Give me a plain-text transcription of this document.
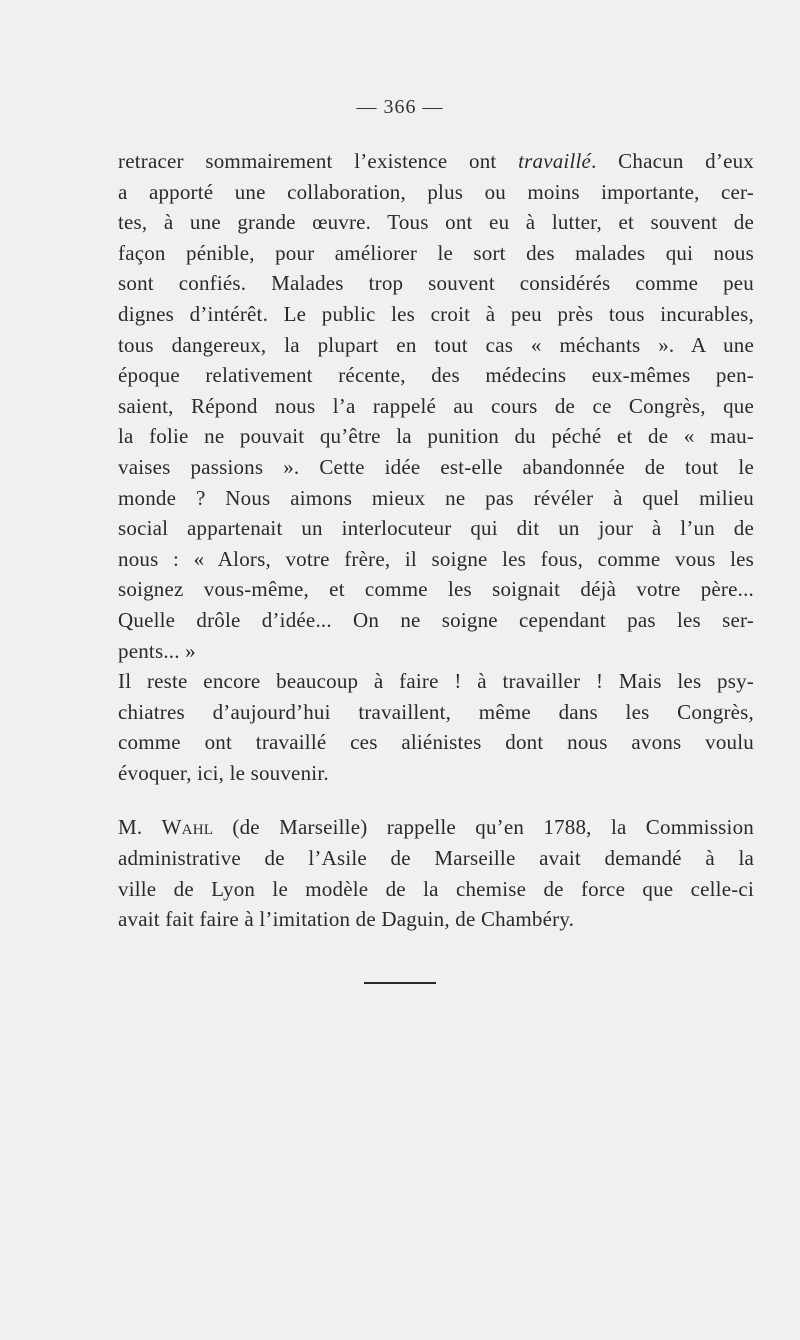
— 366 —
retracer sommairement l’existence ont travaillé. Chacun d’eux
a apporté une collaboration, plus ou moins importante, cer-
tes, à une grande œuvre. Tous ont eu à lutter, et souvent de
façon pénible, pour améliorer le sort des malades qui nous
sont confiés. Malades trop souvent considérés comme peu
dignes d’intérêt. Le public les croit à peu près tous incurables,
tous dangereux, la plupart en tout cas « méchants ». A une
époque relativement récente, des médecins eux-mêmes pen-
saient, Répond nous l’a rappelé au cours de ce Congrès, que
la folie ne pouvait qu’être la punition du péché et de « mau-
vaises passions ». Cette idée est-elle abandonnée de tout le
monde ? Nous aimons mieux ne pas révéler à quel milieu
social appartenait un interlocuteur qui dit un jour à l’un de
nous : « Alors, votre frère, il soigne les fous, comme vous les
soignez vous-même, et comme les soignait déjà votre père...
Quelle drôle d’idée... On ne soigne cependant pas les ser-
pents... »
Il reste encore beaucoup à faire ! à travailler ! Mais les psy-
chiatres d’aujourd’hui travaillent, même dans les Congrès,
comme ont travaillé ces aliénistes dont nous avons voulu
évoquer, ici, le souvenir.
M. Wahl (de Marseille) rappelle qu’en 1788, la Commission
administrative de l’Asile de Marseille avait demandé à la
ville de Lyon le modèle de la chemise de force que celle-ci
avait fait faire à l’imitation de Daguin, de Chambéry.
